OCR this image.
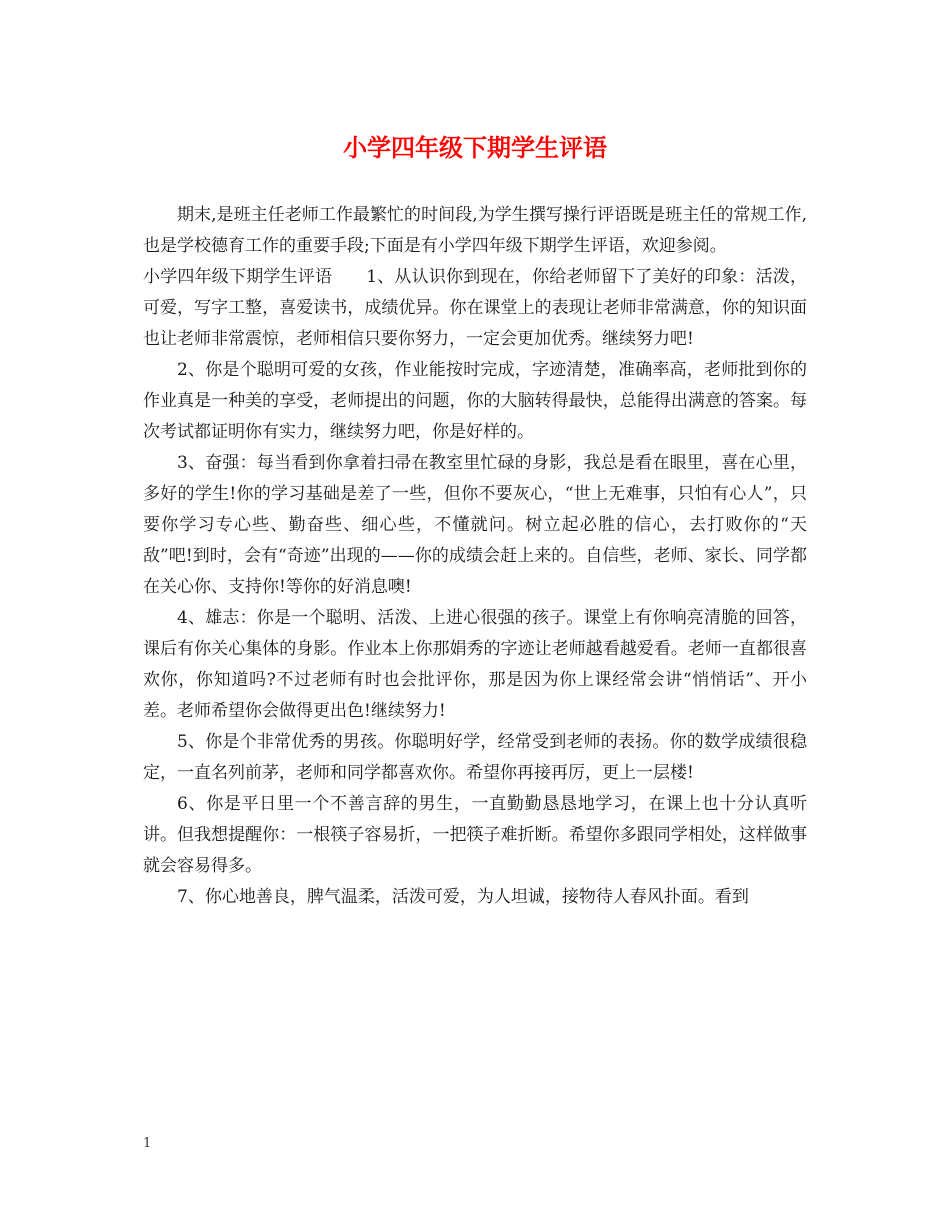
小学四年级下期学生评语

期末,是班主任老师工作最繁忙的时间段,为学生撰写操行评语既是班主任的常规工作,也是学校德育工作的重要手段;下面是有小学四年级下期学生评语，欢迎参阅。

小学四年级下期学生评语 1、从认识你到现在，你给老师留下了美好的印象：活泼，可爱，写字工整，喜爱读书，成绩优异。你在课堂上的表现让老师非常满意，你的知识面也让老师非常震惊，老师相信只要你努力，一定会更加优秀。继续努力吧!

2、你是个聪明可爱的女孩，作业能按时完成，字迹清楚，准确率高，老师批到你的作业真是一种美的享受，老师提出的问题，你的大脑转得最快，总能得出满意的答案。每次考试都证明你有实力，继续努力吧，你是好样的。

3、奋强：每当看到你拿着扫帚在教室里忙碌的身影，我总是看在眼里，喜在心里，多好的学生!你的学习基础是差了一些，但你不要灰心，“世上无难事，只怕有心人”，只要你学习专心些、勤奋些、细心些，不懂就问。树立起必胜的信心，去打败你的“天敌”吧!到时，会有“奇迹”出现的——你的成绩会赶上来的。自信些，老师、家长、同学都在关心你、支持你!等你的好消息噢!

4、雄志：你是一个聪明、活泼、上进心很强的孩子。课堂上有你响亮清脆的回答，课后有你关心集体的身影。作业本上你那娟秀的字迹让老师越看越爱看。老师一直都很喜欢你，你知道吗?不过老师有时也会批评你，那是因为你上课经常会讲“悄悄话”、开小差。老师希望你会做得更出色!继续努力!

5、你是个非常优秀的男孩。你聪明好学，经常受到老师的表扬。你的数学成绩很稳定，一直名列前茅，老师和同学都喜欢你。希望你再接再厉，更上一层楼!

6、你是平日里一个不善言辞的男生，一直勤勤恳恳地学习，在课上也十分认真听讲。但我想提醒你：一根筷子容易折，一把筷子难折断。希望你多跟同学相处，这样做事就会容易得多。

7、你心地善良，脾气温柔，活泼可爱，为人坦诚，接物待人春风扑面。看到

1
